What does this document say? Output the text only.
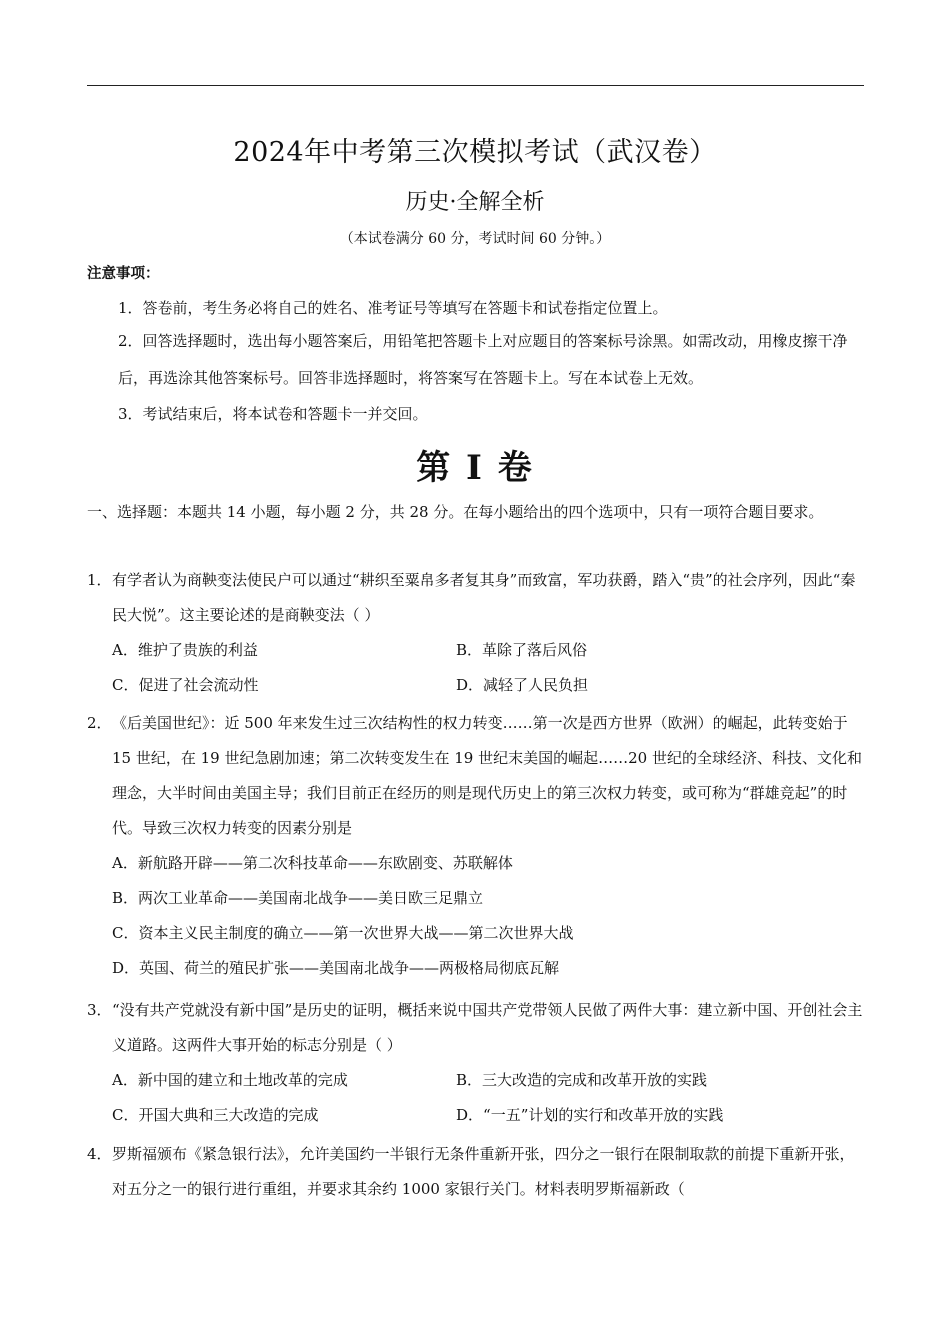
2024年中考第三次模拟考试（武汉卷）
历史·全解全析
（本试卷满分 60 分，考试时间 60 分钟。）
注意事项：
1．答卷前，考生务必将自己的姓名、准考证号等填写在答题卡和试卷指定位置上。
2．回答选择题时，选出每小题答案后，用铅笔把答题卡上对应题目的答案标号涂黑。如需改动，用橡皮擦干净后，再选涂其他答案标号。回答非选择题时，将答案写在答题卡上。写在本试卷上无效。
3．考试结束后，将本试卷和答题卡一并交回。
第 I 卷
一、选择题：本题共 14 小题，每小题 2 分，共 28 分。在每小题给出的四个选项中，只有一项符合题目要求。
1． 有学者认为商鞅变法使民户可以通过“耕织至粟帛多者复其身”而致富，军功获爵，踏入“贵”的社会序列，因此“秦民大悦”。这主要论述的是商鞅变法（ ）
A．维护了贵族的利益	B．革除了落后风俗
C．促进了社会流动性	D．减轻了人民负担
2． 《后美国世纪》：近 500 年来发生过三次结构性的权力转变……第一次是西方世界（欧洲）的崛起，此转变始于 15 世纪，在 19 世纪急剧加速；第二次转变发生在 19 世纪末美国的崛起……20 世纪的全球经济、科技、文化和理念，大半时间由美国主导；我们目前正在经历的则是现代历史上的第三次权力转变，或可称为“群雄竞起”的时代。导致三次权力转变的因素分别是
A．新航路开辟——第二次科技革命——东欧剧变、苏联解体
B．两次工业革命——美国南北战争——美日欧三足鼎立
C．资本主义民主制度的确立——第一次世界大战——第二次世界大战
D．英国、荷兰的殖民扩张——美国南北战争——两极格局彻底瓦解
3． “没有共产党就没有新中国”是历史的证明，概括来说中国共产党带领人民做了两件大事：建立新中国、开创社会主义道路。这两件大事开始的标志分别是（ ）
A．新中国的建立和土地改革的完成	B．三大改造的完成和改革开放的实践
C．开国大典和三大改造的完成	D．“一五”计划的实行和改革开放的实践
4． 罗斯福颁布《紧急银行法》，允许美国约一半银行无条件重新开张，四分之一银行在限制取款的前提下重新开张，对五分之一的银行进行重组，并要求其余约 1000 家银行关门。材料表明罗斯福新政（
